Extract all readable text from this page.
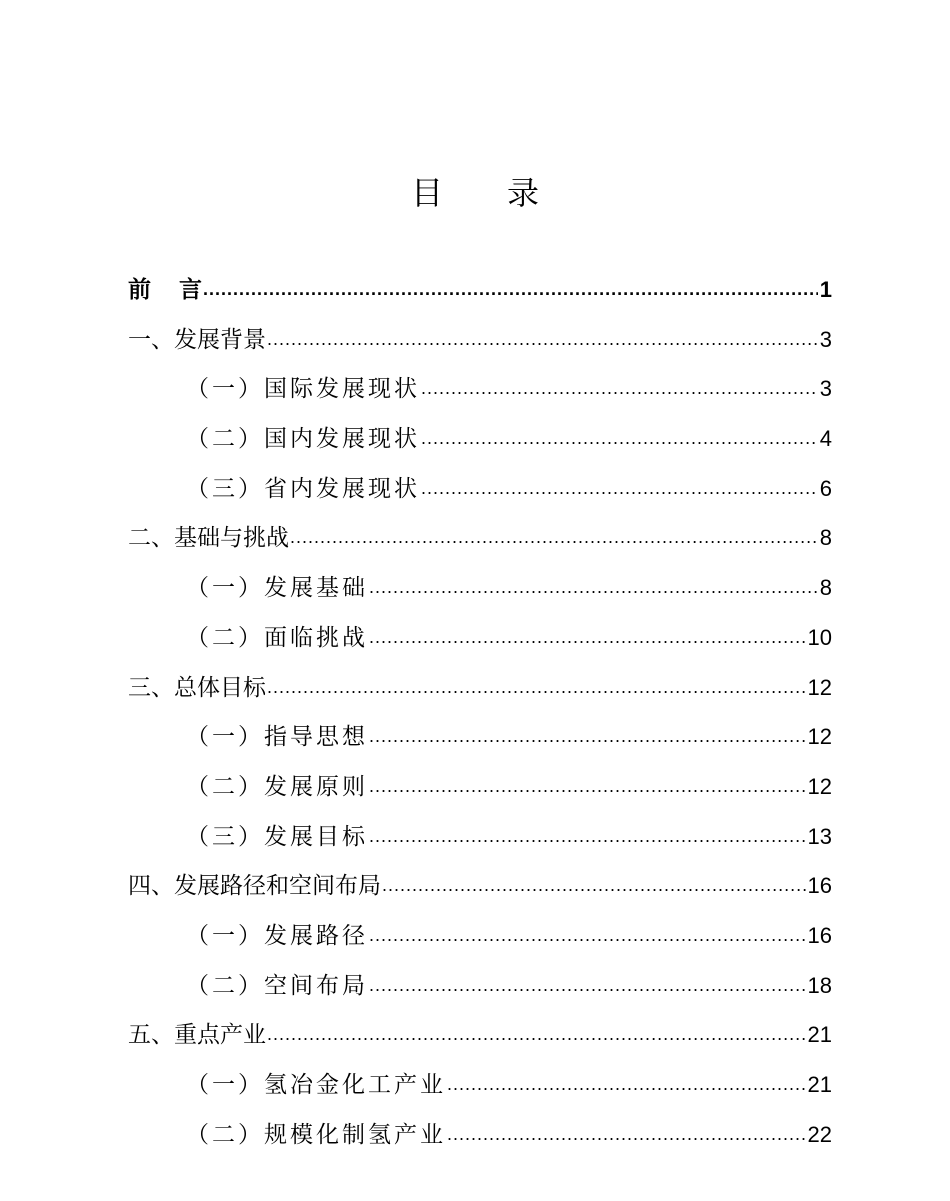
目 录
前 言 .....	1
一、发展背景 .....	3
（一）国际发展现状 .....	3
（二）国内发展现状 .....	4
（三）省内发展现状 .....	6
二、基础与挑战 .....	8
（一）发展基础 .....	8
（二）面临挑战 .....	10
三、总体目标 .....	12
（一）指导思想 .....	12
（二）发展原则 .....	12
（三）发展目标 .....	13
四、发展路径和空间布局 .....	16
（一）发展路径 .....	16
（二）空间布局 .....	18
五、重点产业 .....	21
（一）氢冶金化工产业 .....	21
（二）规模化制氢产业 .....	22
